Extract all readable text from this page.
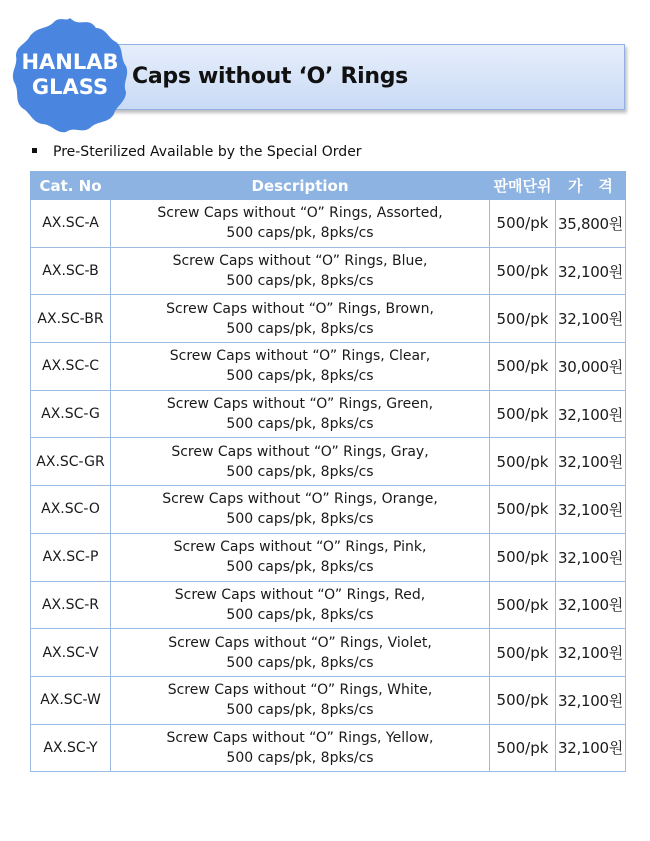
HANLAB
GLASS	Caps without ‘O’ Rings
Pre-Sterilized Available by the Special Order
Cat. No	Description	판매단위	가   격
AX.SC-A	Screw Caps without “O” Rings, Assorted,
500 caps/pk, 8pks/cs	500/pk	35,800원
AX.SC-B	Screw Caps without “O” Rings, Blue,
500 caps/pk, 8pks/cs	500/pk	32,100원
AX.SC-BR	Screw Caps without “O” Rings, Brown,
500 caps/pk, 8pks/cs	500/pk	32,100원
AX.SC-C	Screw Caps without “O” Rings, Clear,
500 caps/pk, 8pks/cs	500/pk	30,000원
AX.SC-G	Screw Caps without “O” Rings, Green,
500 caps/pk, 8pks/cs	500/pk	32,100원
AX.SC-GR	Screw Caps without “O” Rings, Gray,
500 caps/pk, 8pks/cs	500/pk	32,100원
AX.SC-O	Screw Caps without “O” Rings, Orange,
500 caps/pk, 8pks/cs	500/pk	32,100원
AX.SC-P	Screw Caps without “O” Rings, Pink,
500 caps/pk, 8pks/cs	500/pk	32,100원
AX.SC-R	Screw Caps without “O” Rings, Red,
500 caps/pk, 8pks/cs	500/pk	32,100원
AX.SC-V	Screw Caps without “O” Rings, Violet,
500 caps/pk, 8pks/cs	500/pk	32,100원
AX.SC-W	Screw Caps without “O” Rings, White,
500 caps/pk, 8pks/cs	500/pk	32,100원
AX.SC-Y	Screw Caps without “O” Rings, Yellow,
500 caps/pk, 8pks/cs	500/pk	32,100원
